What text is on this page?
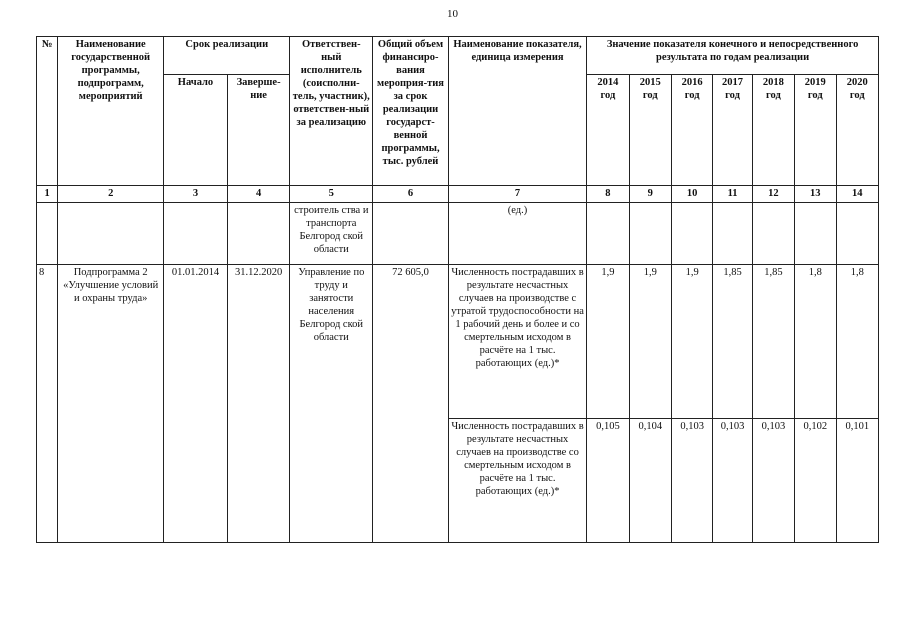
10
№	Наименование государственной программы, подпрограмм, мероприятий	Срок реализации		Ответствен-ный исполнитель (соисполни-тель, участник), ответствен-ный за реализацию	Общий объем финансиро-вания мероприя-тия за срок реализации государст-венной программы, тыс. рублей	Наименование показателя, единица измерения	Значение показателя конечного и непосредственного результата по годам реализации						
		Начало	Заверше-ние				2014 год	2015 год	2016 год	2017 год	2018 год	2019 год	2020 год
1	2	3	4	5	6	7	8	9	10	11	12	13	14
				строитель ства и транспорта Белгород ской области		(ед.)							
8	Подпрограмма 2 «Улучшение условий и охраны труда»	01.01.2014	31.12.2020	Управление по труду и занятости населения Белгород ской области	72 605,0	Численность пострадавших в результате несчастных случаев на производстве с утратой трудоспособности на 1 рабочий день и более и со смертельным исходом в расчёте на 1 тыс. работающих (ед.)*	1,9	1,9	1,9	1,85	1,85	1,8	1,8
						Численность пострадавших в результате несчастных случаев на производстве со смертельным исходом в расчёте на 1 тыс. работающих (ед.)*	0,105	0,104	0,103	0,103	0,103	0,102	0,101
